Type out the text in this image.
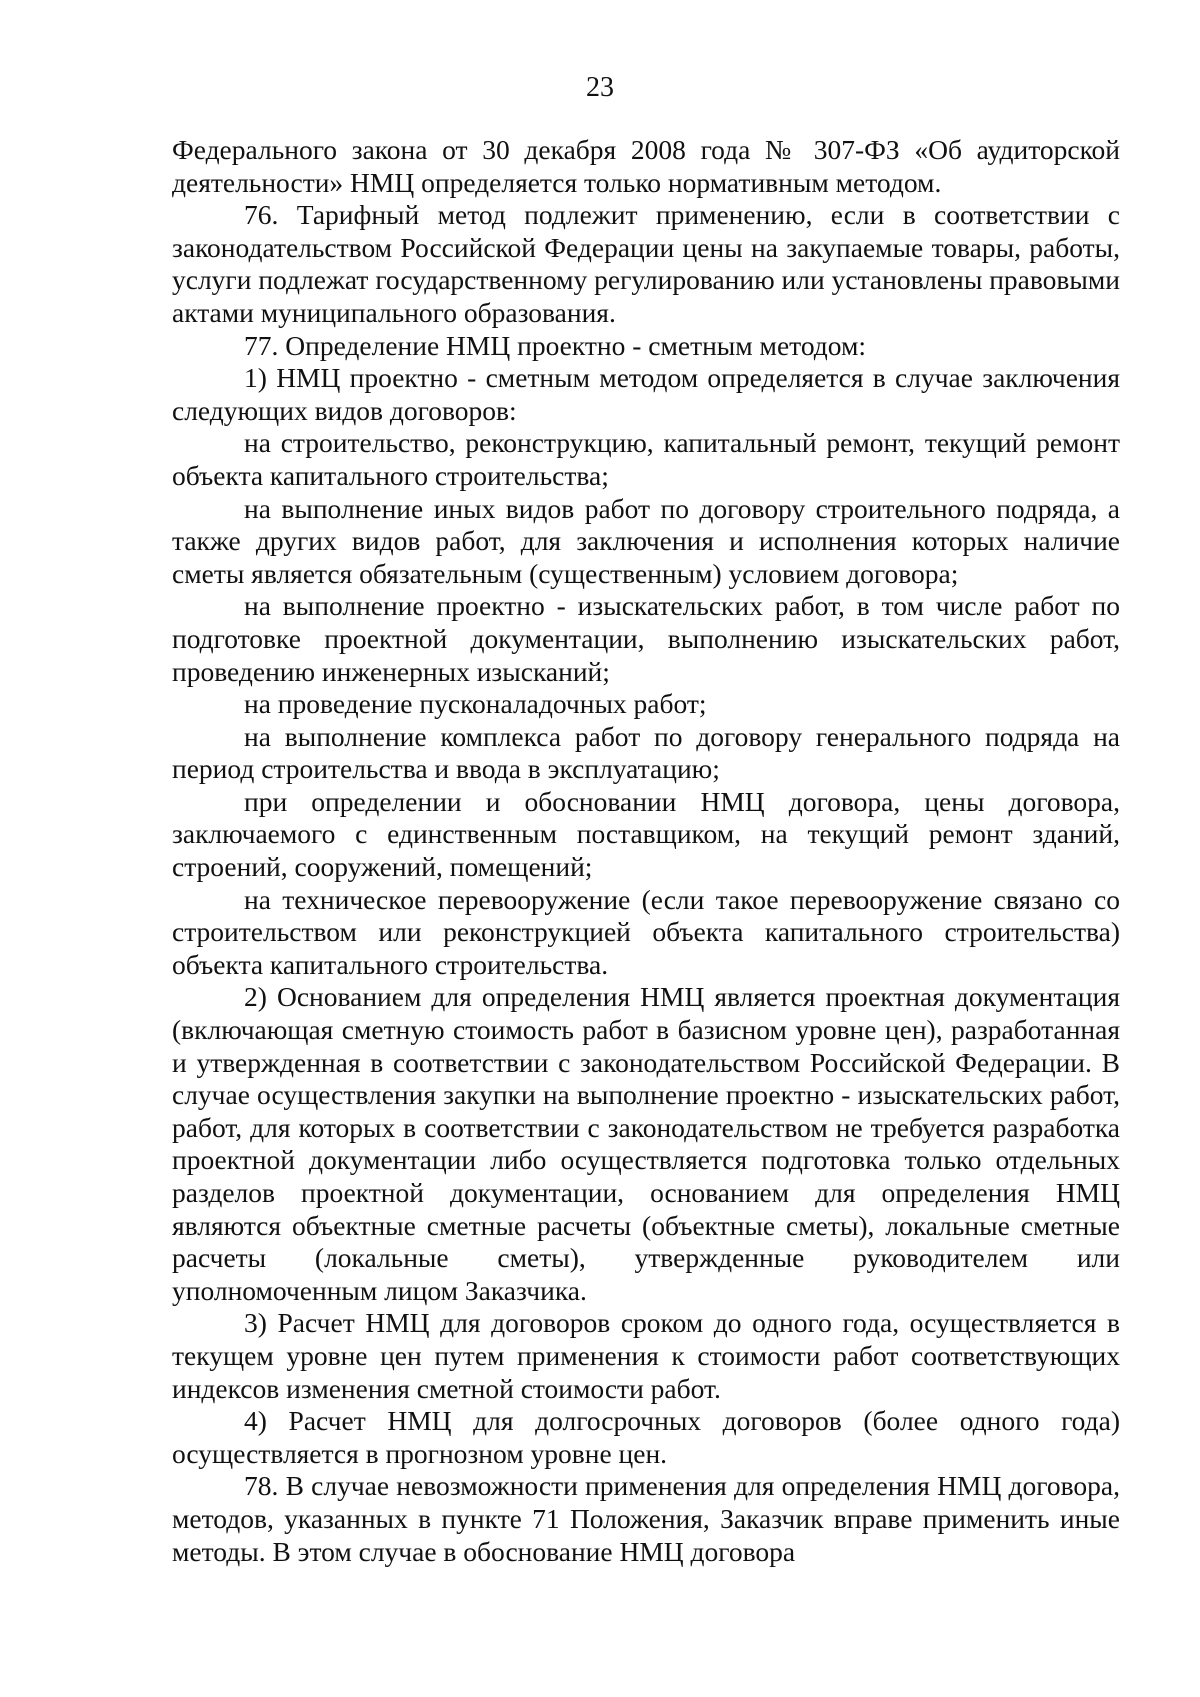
23

Федерального закона от 30 декабря 2008 года № 307-ФЗ «Об аудиторской деятельности» НМЦ определяется только нормативным методом.

76. Тарифный метод подлежит применению, если в соответствии с законодательством Российской Федерации цены на закупаемые товары, работы, услуги подлежат государственному регулированию или установлены правовыми актами муниципального образования.

77. Определение НМЦ проектно - сметным методом:

1) НМЦ проектно - сметным методом определяется в случае заключения следующих видов договоров:

на строительство, реконструкцию, капитальный ремонт, текущий ремонт объекта капитального строительства;

на выполнение иных видов работ по договору строительного подряда, а также других видов работ, для заключения и исполнения которых наличие сметы является обязательным (существенным) условием договора;

на выполнение проектно - изыскательских работ, в том числе работ по подготовке проектной документации, выполнению изыскательских работ, проведению инженерных изысканий;

на проведение пусконаладочных работ;

на выполнение комплекса работ по договору генерального подряда на период строительства и ввода в эксплуатацию;

при определении и обосновании НМЦ договора, цены договора, заключаемого с единственным поставщиком, на текущий ремонт зданий, строений, сооружений, помещений;

на техническое перевооружение (если такое перевооружение связано со строительством или реконструкцией объекта капитального строительства) объекта капитального строительства.

2) Основанием для определения НМЦ является проектная документация (включающая сметную стоимость работ в базисном уровне цен), разработанная и утвержденная в соответствии с законодательством Российской Федерации. В случае осуществления закупки на выполнение проектно - изыскательских работ, работ, для которых в соответствии с законодательством не требуется разработка проектной документации либо осуществляется подготовка только отдельных разделов проектной документации, основанием для определения НМЦ являются объектные сметные расчеты (объектные сметы), локальные сметные расчеты (локальные сметы), утвержденные руководителем или уполномоченным лицом Заказчика.

3) Расчет НМЦ для договоров сроком до одного года, осуществляется в текущем уровне цен путем применения к стоимости работ соответствующих индексов изменения сметной стоимости работ.

4) Расчет НМЦ для долгосрочных договоров (более одного года) осуществляется в прогнозном уровне цен.

78. В случае невозможности применения для определения НМЦ договора, методов, указанных в пункте 71 Положения, Заказчик вправе применить иные методы. В этом случае в обоснование НМЦ договора
